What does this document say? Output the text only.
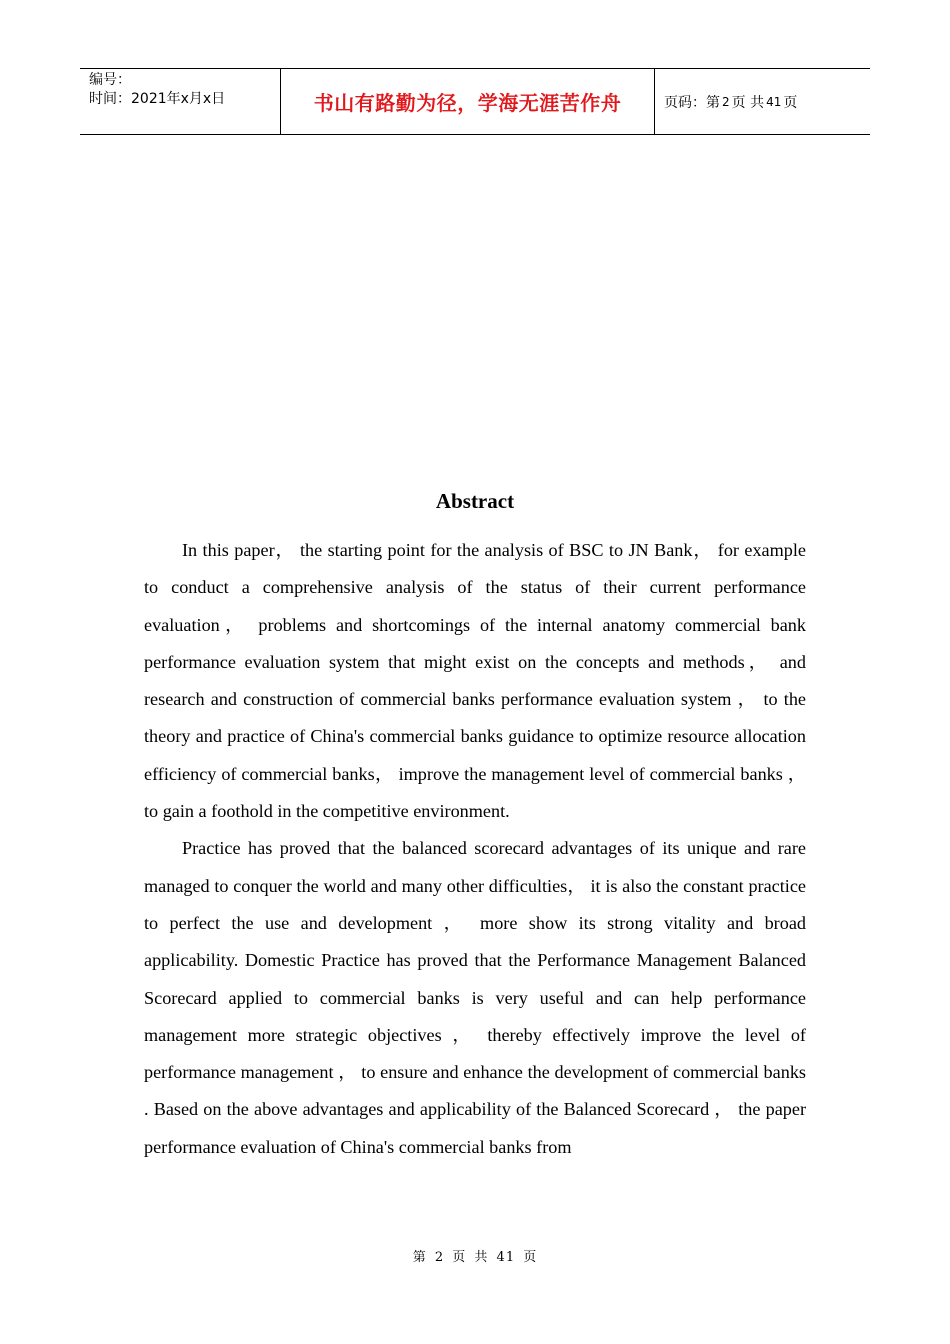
编号：
时间：2021年x月x日	书山有路勤为径，学海无涯苦作舟	页码：第 2 页 共 41 页
Abstract

In this paper， the starting point for the analysis of BSC to JN Bank， for example to conduct a comprehensive analysis of the status of their current performance evaluation， problems and shortcomings of the internal anatomy commercial bank performance evaluation system that might exist on the concepts and methods， and research and construction of commercial banks performance evaluation system ， to the theory and practice of China's commercial banks guidance to optimize resource allocation efficiency of commercial banks， improve the management level of commercial banks ， to gain a foothold in the competitive environment.

Practice has proved that the balanced scorecard advantages of its unique and rare managed to conquer the world and many other difficulties， it is also the constant practice to perfect the use and development ， more show its strong vitality and broad applicability. Domestic Practice has proved that the Performance Management Balanced Scorecard applied to commercial banks is very useful and can help performance management more strategic objectives ， thereby effectively improve the level of performance management ， to ensure and enhance the development of commercial banks . Based on the above advantages and applicability of the Balanced Scorecard ， the paper performance evaluation of China's commercial banks from

第 2 页 共 41 页
